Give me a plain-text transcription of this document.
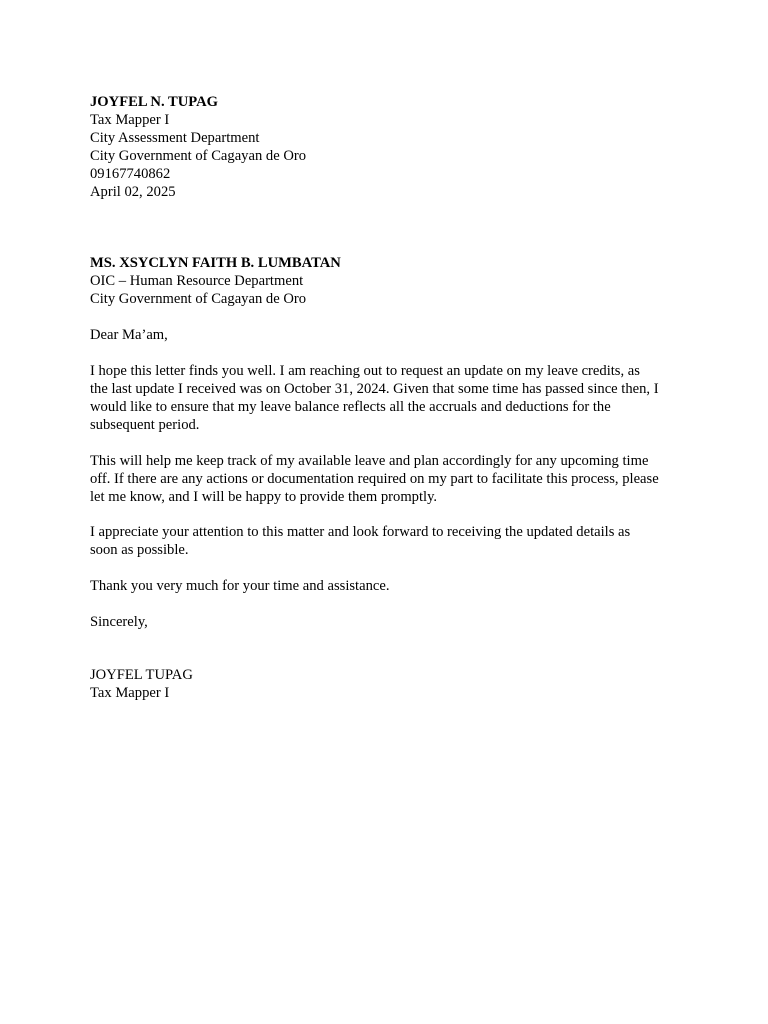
JOYFEL N. TUPAG
Tax Mapper I
City Assessment Department
City Government of Cagayan de Oro
09167740862
April 02, 2025
MS. XSYCLYN FAITH B. LUMBATAN
OIC – Human Resource Department
City Government of Cagayan de Oro
Dear Ma’am,
I hope this letter finds you well. I am reaching out to request an update on my leave credits, as
the last update I received was on October 31, 2024. Given that some time has passed since then, I
would like to ensure that my leave balance reflects all the accruals and deductions for the
subsequent period.
This will help me keep track of my available leave and plan accordingly for any upcoming time
off. If there are any actions or documentation required on my part to facilitate this process, please
let me know, and I will be happy to provide them promptly.
I appreciate your attention to this matter and look forward to receiving the updated details as
soon as possible.
Thank you very much for your time and assistance.
Sincerely,
JOYFEL TUPAG
Tax Mapper I
